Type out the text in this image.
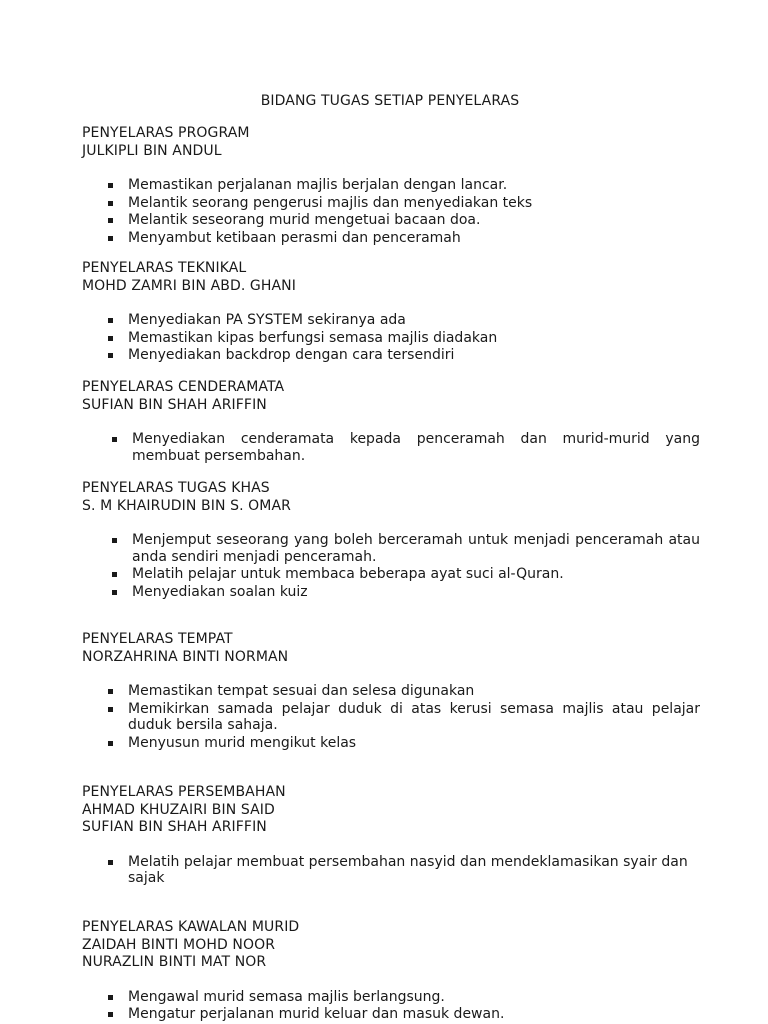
BIDANG TUGAS SETIAP PENYELARAS
PENYELARAS PROGRAM
JULKIPLI BIN ANDUL
Memastikan perjalanan majlis berjalan dengan lancar.
Melantik seorang pengerusi majlis dan menyediakan teks
Melantik seseorang murid mengetuai bacaan doa.
Menyambut ketibaan perasmi dan penceramah
PENYELARAS TEKNIKAL
MOHD ZAMRI BIN ABD. GHANI
Menyediakan PA SYSTEM sekiranya ada
Memastikan kipas berfungsi semasa majlis diadakan
Menyediakan backdrop dengan cara tersendiri
PENYELARAS CENDERAMATA
SUFIAN BIN SHAH ARIFFIN
Menyediakan cenderamata kepada penceramah dan murid-murid yang membuat persembahan.
PENYELARAS TUGAS KHAS
S. M KHAIRUDIN BIN S. OMAR
Menjemput seseorang yang boleh berceramah untuk menjadi penceramah atau anda sendiri menjadi penceramah.
Melatih pelajar untuk membaca beberapa ayat suci al-Quran.
Menyediakan soalan kuiz
PENYELARAS TEMPAT
NORZAHRINA BINTI NORMAN
Memastikan tempat sesuai dan selesa digunakan
Memikirkan samada pelajar duduk di atas kerusi semasa majlis atau pelajar duduk bersila sahaja.
Menyusun murid mengikut kelas
PENYELARAS PERSEMBAHAN
AHMAD KHUZAIRI BIN SAID
SUFIAN BIN SHAH ARIFFIN
Melatih pelajar membuat persembahan nasyid dan mendeklamasikan syair dan sajak
PENYELARAS KAWALAN MURID
ZAIDAH BINTI MOHD NOOR
NURAZLIN BINTI MAT NOR
Mengawal murid semasa majlis berlangsung.
Mengatur perjalanan murid keluar dan masuk dewan.
